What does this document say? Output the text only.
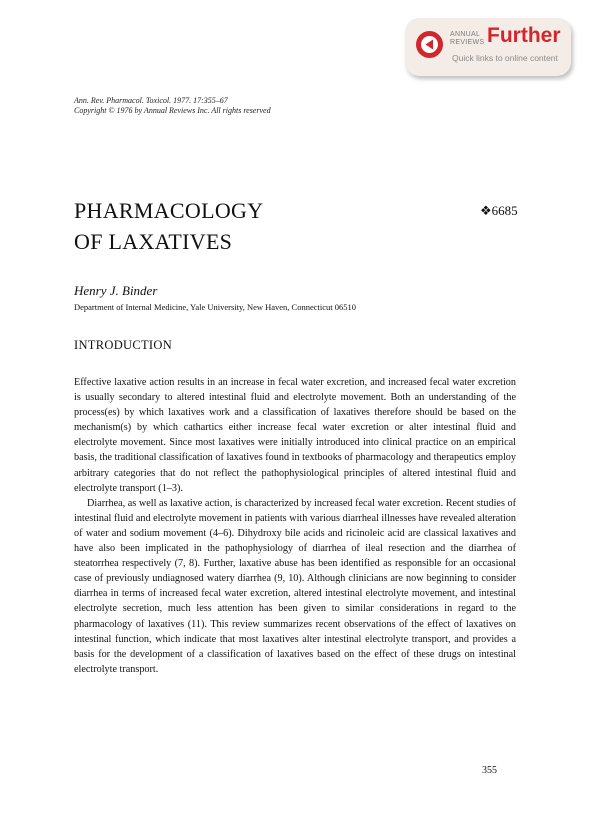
ANNUAL
REVIEWS Further
Quick links to online content
Ann. Rev. Pharmacol. Toxicol. 1977. 17:355–67
Copyright © 1976 by Annual Reviews Inc. All rights reserved
PHARMACOLOGY
OF LAXATIVES
❖6685
Henry J. Binder
Department of Internal Medicine, Yale University, New Haven, Connecticut 06510
INTRODUCTION

Effective laxative action results in an increase in fecal water excretion, and increased fecal water excretion is usually secondary to altered intestinal fluid and electrolyte movement. Both an understanding of the process(es) by which laxatives work and a classification of laxatives therefore should be based on the mechanism(s) by which cathartics either increase fecal water excretion or alter intestinal fluid and electrolyte movement. Since most laxatives were initially introduced into clinical practice on an empirical basis, the traditional classification of laxatives found in textbooks of pharmacology and therapeutics employ arbitrary categories that do not reflect the pathophysiological principles of altered intestinal fluid and electrolyte transport (1–3).

Diarrhea, as well as laxative action, is characterized by increased fecal water excretion. Recent studies of intestinal fluid and electrolyte movement in patients with various diarrheal illnesses have revealed alteration of water and sodium movement (4–6). Dihydroxy bile acids and ricinoleic acid are classical laxatives and have also been implicated in the pathophysiology of diarrhea of ileal resection and the diarrhea of steatorrhea respectively (7, 8). Further, laxative abuse has been identified as responsible for an occasional case of previously undiagnosed watery diarrhea (9, 10). Although clinicians are now beginning to consider diarrhea in terms of increased fecal water excretion, altered intestinal electrolyte movement, and intestinal electrolyte secretion, much less attention has been given to similar considerations in regard to the pharmacology of laxatives (11). This review summarizes recent observations of the effect of laxatives on intestinal function, which indicate that most laxatives alter intestinal electrolyte transport, and provides a basis for the development of a classification of laxatives based on the effect of these drugs on intestinal electrolyte transport.

355
